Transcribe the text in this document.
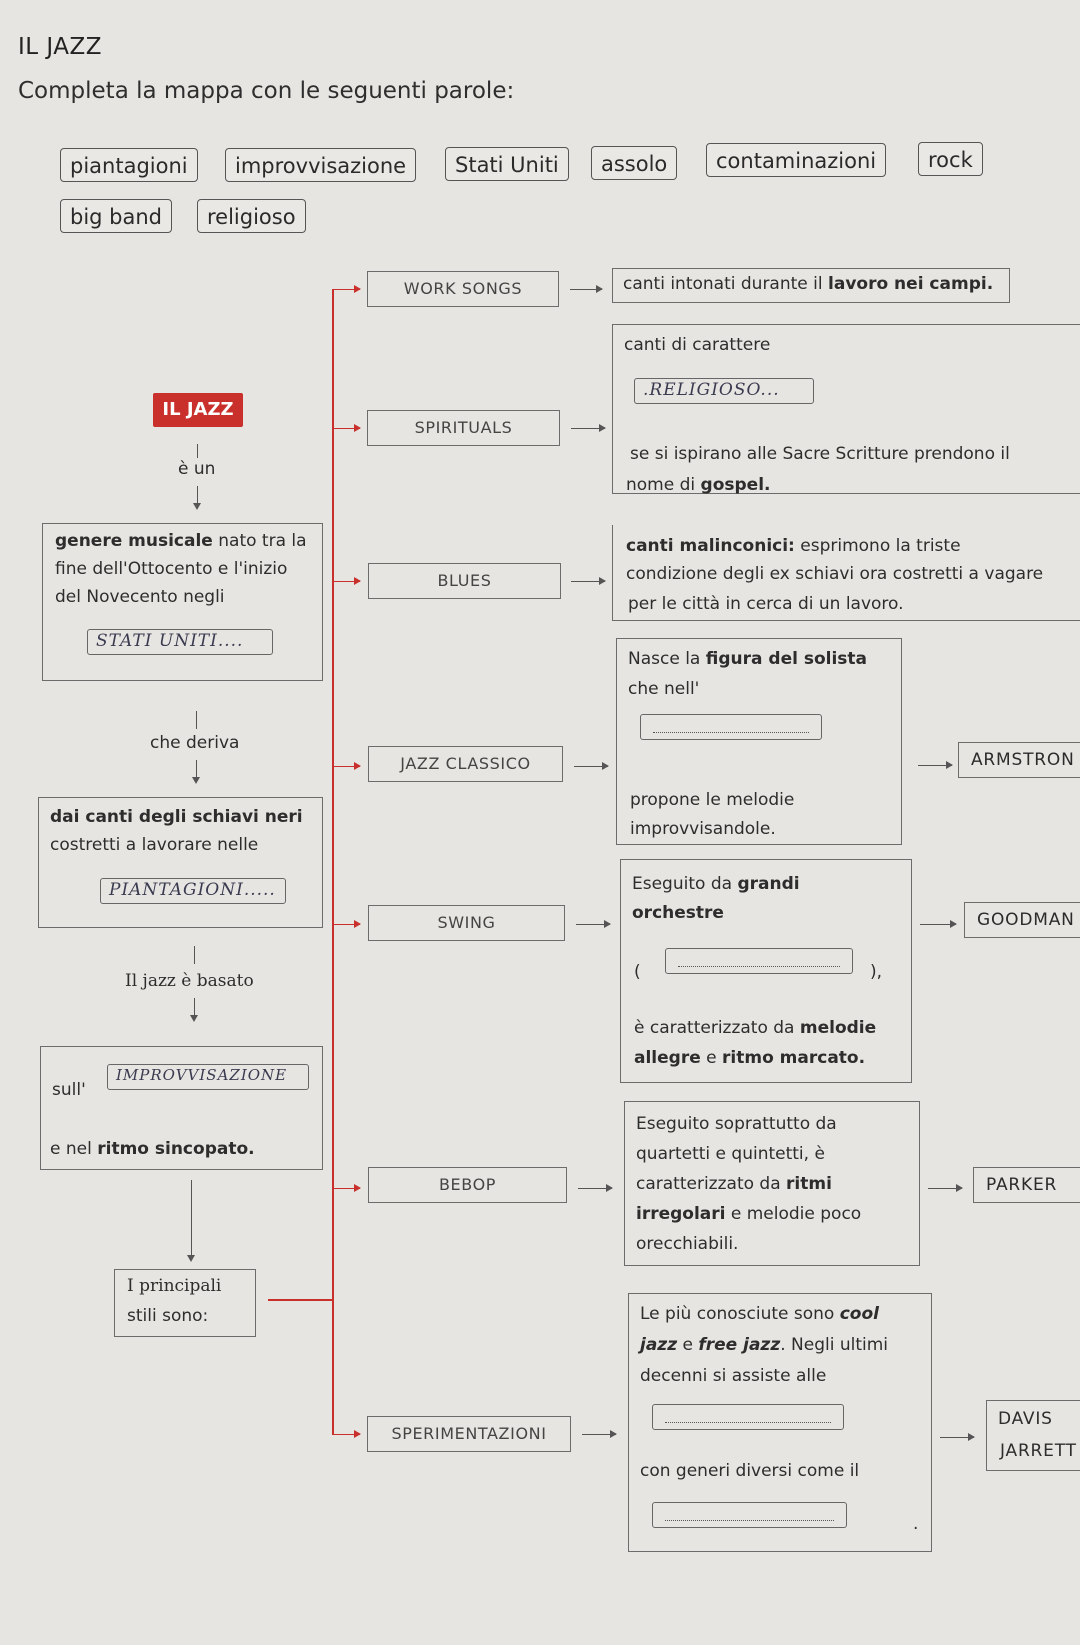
IL JAZZ
Completa la mappa con le seguenti parole:
piantagioni	improvvisazione	Stati Uniti	assolo	contaminazioni	rock
big band	religioso
IL JAZZ
è un
genere musicale nato tra la
fine dell'Ottocento e l'inizio
del Novecento negli
STATI UNITI....
che deriva
dai canti degli schiavi neri
costretti a lavorare nelle
PIANTAGIONI.....
Il jazz è basato
sull'
IMPROVVISAZIONE
e nel ritmo sincopato.
I principali
stili sono:
WORK SONGS
SPIRITUALS
BLUES
JAZZ CLASSICO
SWING
BEBOP
SPERIMENTAZIONI
canti intonati durante il lavoro nei campi.
canti di carattere
.RELIGIOSO...
se si ispirano alle Sacre Scritture prendono il
nome di gospel.
canti malinconici: esprimono la triste
condizione degli ex schiavi ora costretti a vagare
per le città in cerca di un lavoro.
Nasce la figura del solista
che nell'
propone le melodie
improvvisandole.
Eseguito da grandi
orchestre
(	),
è caratterizzato da melodie
allegre e ritmo marcato.
Eseguito soprattutto da
quartetti e quintetti, è
caratterizzato da ritmi
irregolari e melodie poco
orecchiabili.
Le più conosciute sono cool
jazz e free jazz. Negli ultimi
decenni si assiste alle
con generi diversi come il
.
ARMSTRON
GOODMAN
PARKER
DAVIS
JARRETT
